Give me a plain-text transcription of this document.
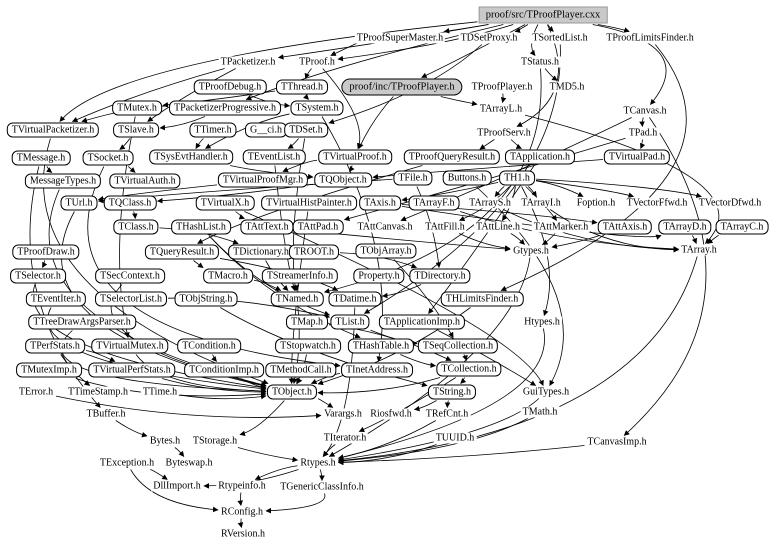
proof/src/TProofPlayer.cxx
TProofSuperMaster.h TDSetProxy.h TSortedList.h TProofLimitsFinder.h
TPacketizer.h TProof.h	TStatus.h
TProofDebug.h	TThread.h	proof/inc/TProofPlayer.h	TProofPlayer.h TMD5.h
TMutex.h	TPacketizerProgressive.h	TSystem.h	TArrayL.h	TCanvas.h
TVirtualPacketizer.h	TSlave.h	TTimer.h	G__ci.h TDSet.h	TProofServ.h	TPad.h
TMessage.h	TSocket.h	TSysEvtHandler.h	TEventList.h	TVirtualProof.h	TProofQueryResult.h	TApplication.h	TVirtualPad.h
MessageTypes.h	TVirtualAuth.h	TVirtualProofMgr.h	TQObject.h	TFile.h	Buttons.h	TH1.h
TUrl.h	TQClass.h	TVirtualX.h	TVirtualHistPainter.h	TAxis.h	TArrayF.h	TArrayS.h TArrayI.h Foption.h TVectorFfwd.h TVectorDfwd.h
TClass.h	THashList.h	TAttText.h TAttPad.h	TAttCanvas.h TAttFill.h TAttLine.h TAttMarker.h	TAttAxis.h	TArrayD.h	TArrayC.h
TProofDraw.h	TQueryResult.h	TDictionary.h TROOT.h	TObjArray.h	Gtypes.h	TArray.h
TSelector.h	TSecContext.h	TMacro.h	TStreamerInfo.h	Property.h	TDirectory.h
TEventIter.h	TSelectorList.h	TObjString.h	TNamed.h	TDatime.h	THLimitsFinder.h
TTreeDrawArgsParser.h	TMap.h	TList.h	TApplicationImp.h	Htypes.h
TPerfStats.h	TVirtualMutex.h	TCondition.h	TStopwatch.h	THashTable.h	TSeqCollection.h
TMutexImp.h	TVirtualPerfStats.h	TConditionImp.h	TMethodCall.h	TInetAddress.h	TCollection.h
TError.h TTimeStamp.h TTime.h	TObject.h	TString.h	GuiTypes.h
TBuffer.h	Varargs.h Riosfwd.h TRefCnt.h	TMath.h
Bytes.h TStorage.h	TIterator.h	TUUID.h	TCanvasImp.h
TException.h Byteswap.h	Rtypes.h
DllImport.h Rtypeinfo.h TGenericClassInfo.h
RConfig.h
RVersion.h
